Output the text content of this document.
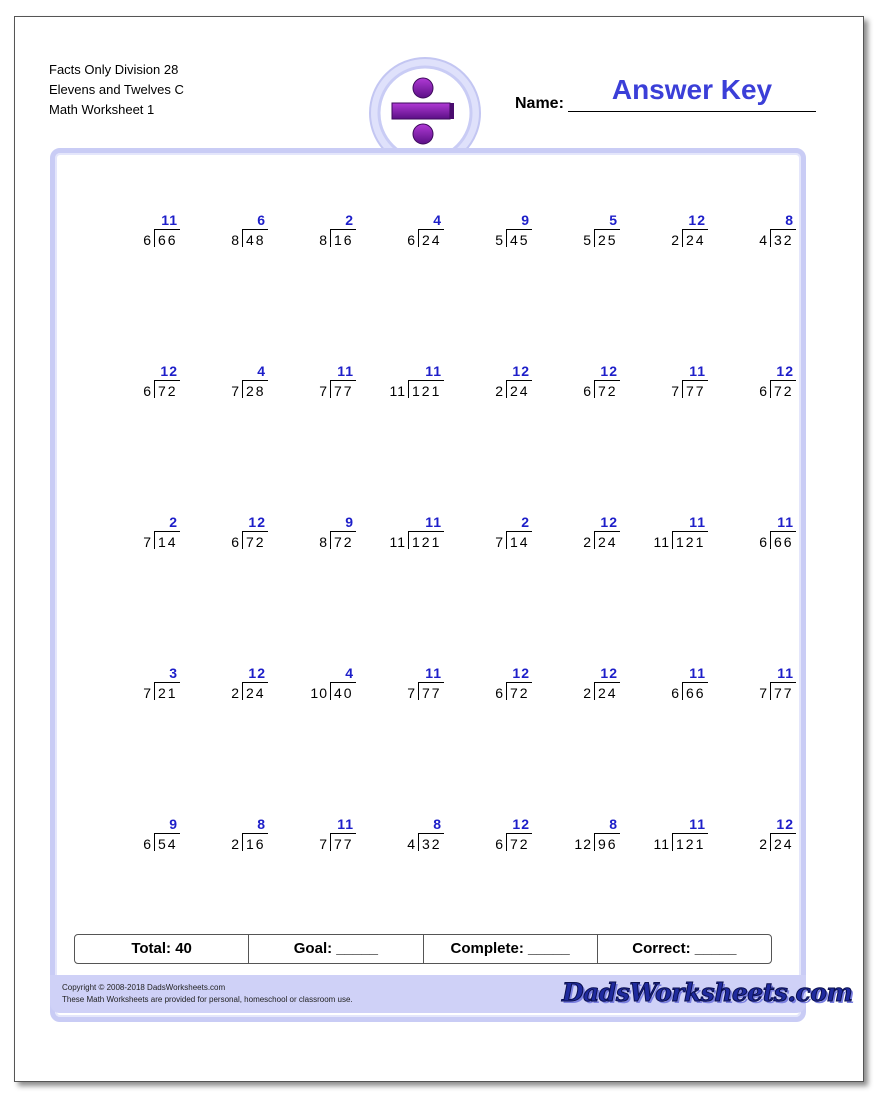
Facts Only Division 28
Elevens and Twelves C
Math Worksheet 1
Answer Key
Name:
11
6 66
6
8 48
2
8 16
4
6 24
9
5 45
5
5 25
12
2 24
8
4 32
12
6 72
4
7 28
11
7 77
11
11 121
12
2 24
12
6 72
11
7 77
12
6 72
2
7 14
12
6 72
9
8 72
11
11 121
2
7 14
12
2 24
11
11 121
11
6 66
3
7 21
12
2 24
4
10 40
11
7 77
12
6 72
12
2 24
11
6 66
11
7 77
9
6 54
8
2 16
11
7 77
8
4 32
12
6 72
8
12 96
11
11 121
12
2 24
Total: 40	Goal: _____	Complete: _____	Correct: _____
Copyright © 2008-2018 DadsWorksheets.com
These Math Worksheets are provided for personal, homeschool or classroom use.	DadsWorksheets.com
